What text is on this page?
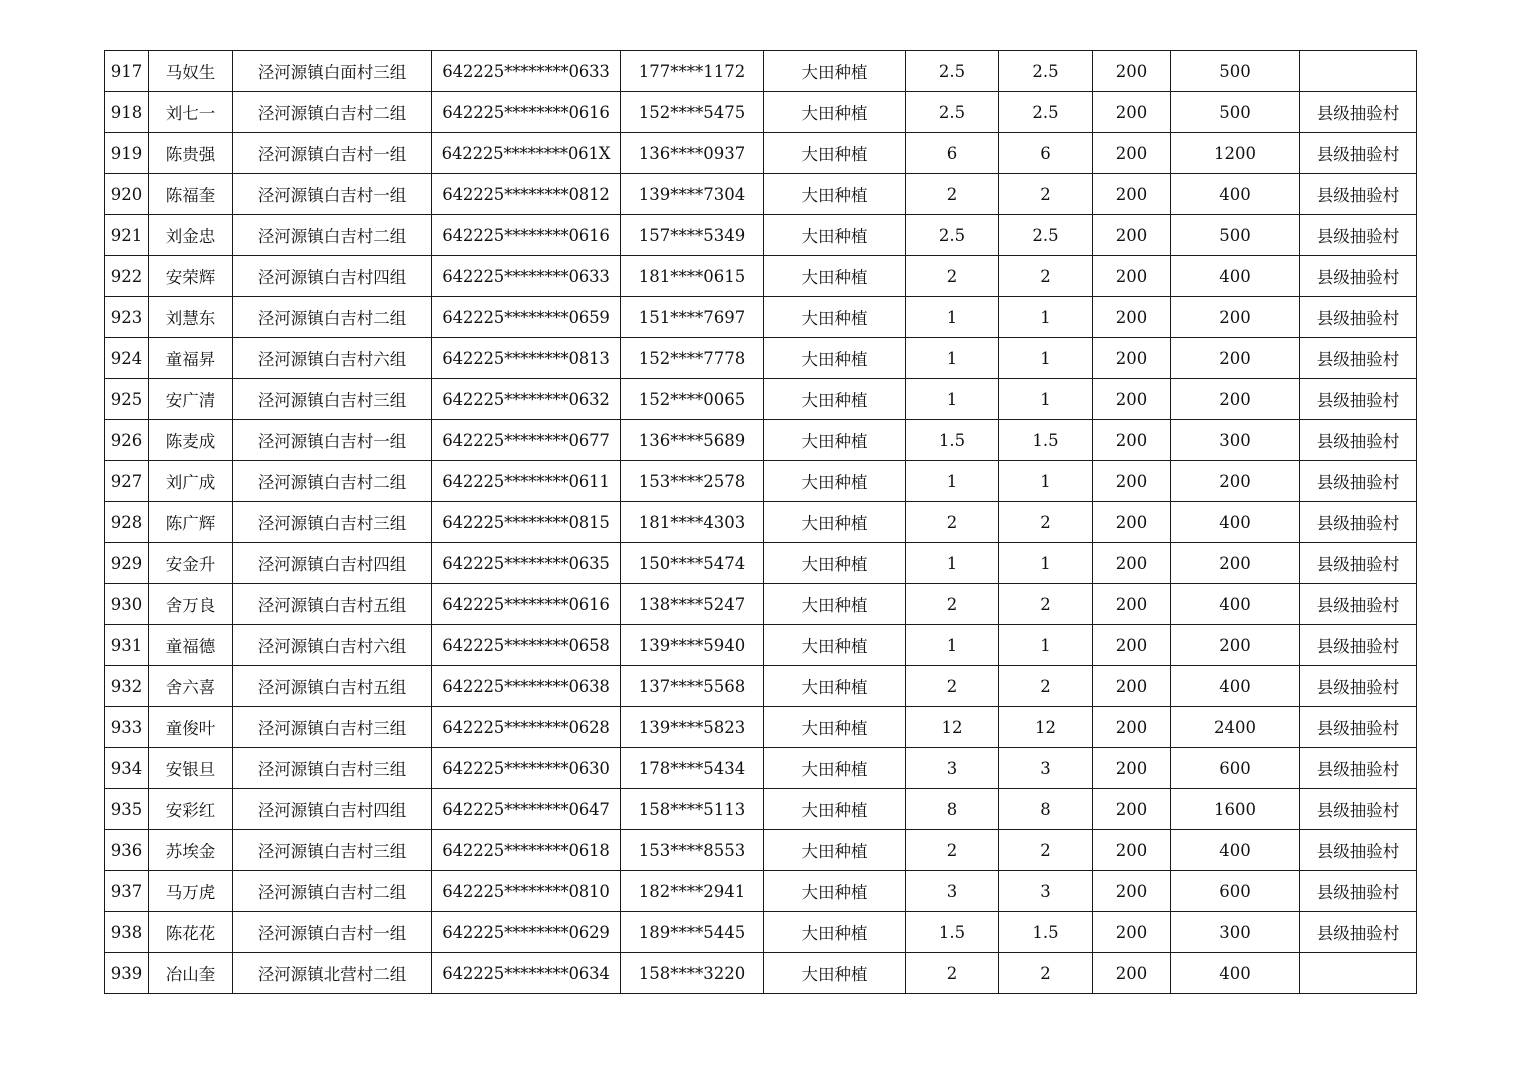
917	马奴生	泾河源镇白面村三组	642225********0633	177****1172	大田种植	2.5	2.5	200	500	
918	刘七一	泾河源镇白吉村二组	642225********0616	152****5475	大田种植	2.5	2.5	200	500	县级抽验村
919	陈贵强	泾河源镇白吉村一组	642225********061X	136****0937	大田种植	6	6	200	1200	县级抽验村
920	陈福奎	泾河源镇白吉村一组	642225********0812	139****7304	大田种植	2	2	200	400	县级抽验村
921	刘金忠	泾河源镇白吉村二组	642225********0616	157****5349	大田种植	2.5	2.5	200	500	县级抽验村
922	安荣辉	泾河源镇白吉村四组	642225********0633	181****0615	大田种植	2	2	200	400	县级抽验村
923	刘慧东	泾河源镇白吉村二组	642225********0659	151****7697	大田种植	1	1	200	200	县级抽验村
924	童福昇	泾河源镇白吉村六组	642225********0813	152****7778	大田种植	1	1	200	200	县级抽验村
925	安广清	泾河源镇白吉村三组	642225********0632	152****0065	大田种植	1	1	200	200	县级抽验村
926	陈麦成	泾河源镇白吉村一组	642225********0677	136****5689	大田种植	1.5	1.5	200	300	县级抽验村
927	刘广成	泾河源镇白吉村二组	642225********0611	153****2578	大田种植	1	1	200	200	县级抽验村
928	陈广辉	泾河源镇白吉村三组	642225********0815	181****4303	大田种植	2	2	200	400	县级抽验村
929	安金升	泾河源镇白吉村四组	642225********0635	150****5474	大田种植	1	1	200	200	县级抽验村
930	舍万良	泾河源镇白吉村五组	642225********0616	138****5247	大田种植	2	2	200	400	县级抽验村
931	童福德	泾河源镇白吉村六组	642225********0658	139****5940	大田种植	1	1	200	200	县级抽验村
932	舍六喜	泾河源镇白吉村五组	642225********0638	137****5568	大田种植	2	2	200	400	县级抽验村
933	童俊叶	泾河源镇白吉村三组	642225********0628	139****5823	大田种植	12	12	200	2400	县级抽验村
934	安银旦	泾河源镇白吉村三组	642225********0630	178****5434	大田种植	3	3	200	600	县级抽验村
935	安彩红	泾河源镇白吉村四组	642225********0647	158****5113	大田种植	8	8	200	1600	县级抽验村
936	苏埃金	泾河源镇白吉村三组	642225********0618	153****8553	大田种植	2	2	200	400	县级抽验村
937	马万虎	泾河源镇白吉村二组	642225********0810	182****2941	大田种植	3	3	200	600	县级抽验村
938	陈花花	泾河源镇白吉村一组	642225********0629	189****5445	大田种植	1.5	1.5	200	300	县级抽验村
939	冶山奎	泾河源镇北营村二组	642225********0634	158****3220	大田种植	2	2	200	400	
